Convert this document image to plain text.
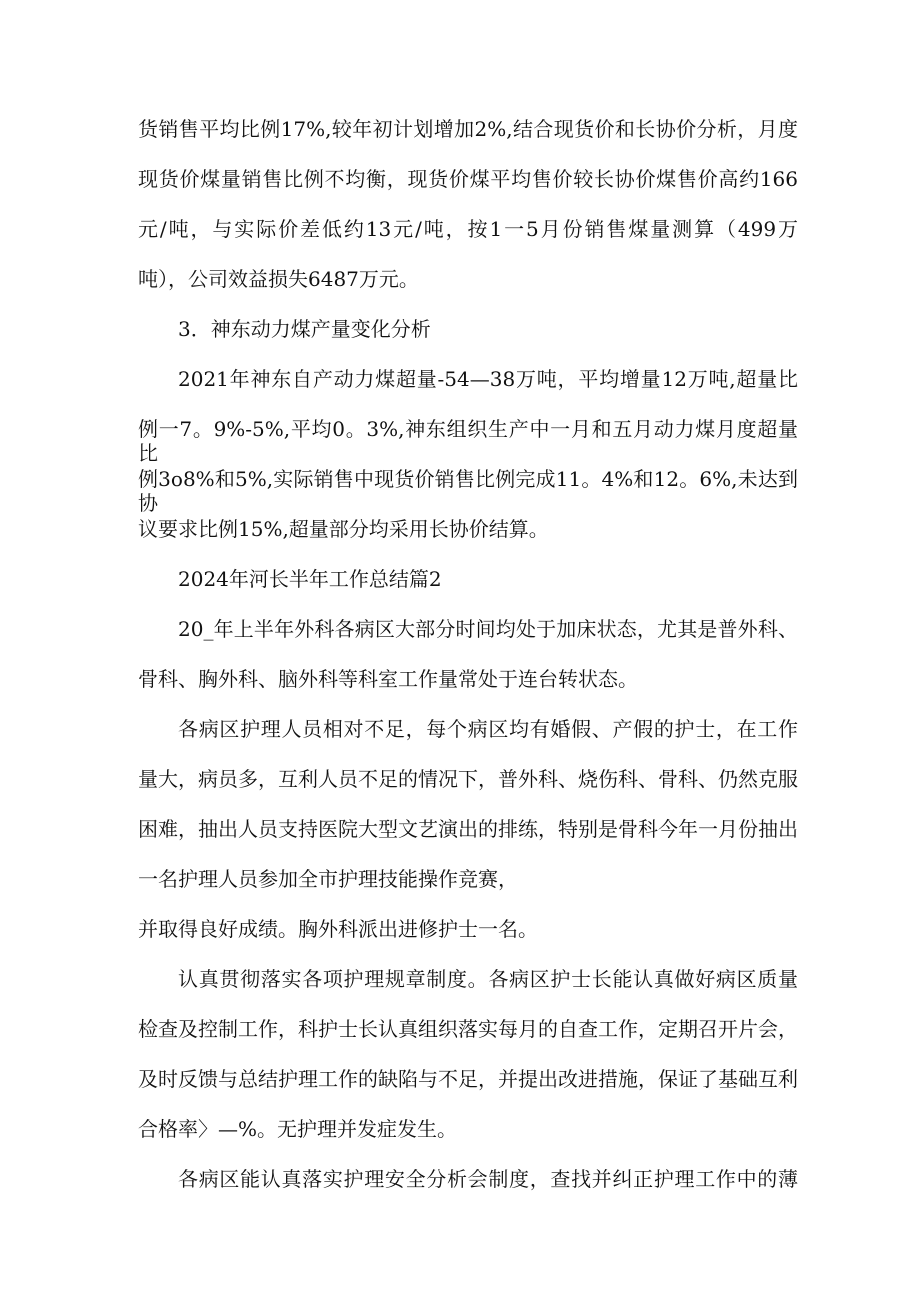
货销售平均比例17%,较年初计划增加2%,结合现货价和长协价分析，月度
现货价煤量销售比例不均衡，现货价煤平均售价较长协价煤售价高约166
元/吨，与实际价差低约13元/吨，按1一5月份销售煤量测算（499万
吨），公司效益损失6487万元。
3．神东动力煤产量变化分析
2021年神东自产动力煤超量-54—38万吨，平均增量12万吨,超量比
例一7。9%-5%,平均0。3%,神东组织生产中一月和五月动力煤月度超量比
例3o8%和5%,实际销售中现货价销售比例完成11。4%和12。6%,未达到协
议要求比例15%,超量部分均采用长协价结算。
2024年河长半年工作总结篇2
20_年上半年外科各病区大部分时间均处于加床状态，尤其是普外科、
骨科、胸外科、脑外科等科室工作量常处于连台转状态。
各病区护理人员相对不足，每个病区均有婚假、产假的护士，在工作
量大，病员多，互利人员不足的情况下，普外科、烧伤科、骨科、仍然克服
困难，抽出人员支持医院大型文艺演出的排练，特别是骨科今年一月份抽出
一名护理人员参加全市护理技能操作竞赛，
并取得良好成绩。胸外科派出进修护士一名。
认真贯彻落实各项护理规章制度。各病区护士长能认真做好病区质量
检查及控制工作，科护士长认真组织落实每月的自查工作，定期召开片会，
及时反馈与总结护理工作的缺陷与不足，并提出改进措施，保证了基础互利
合格率〉—%。无护理并发症发生。
各病区能认真落实护理安全分析会制度，查找并纠正护理工作中的薄
